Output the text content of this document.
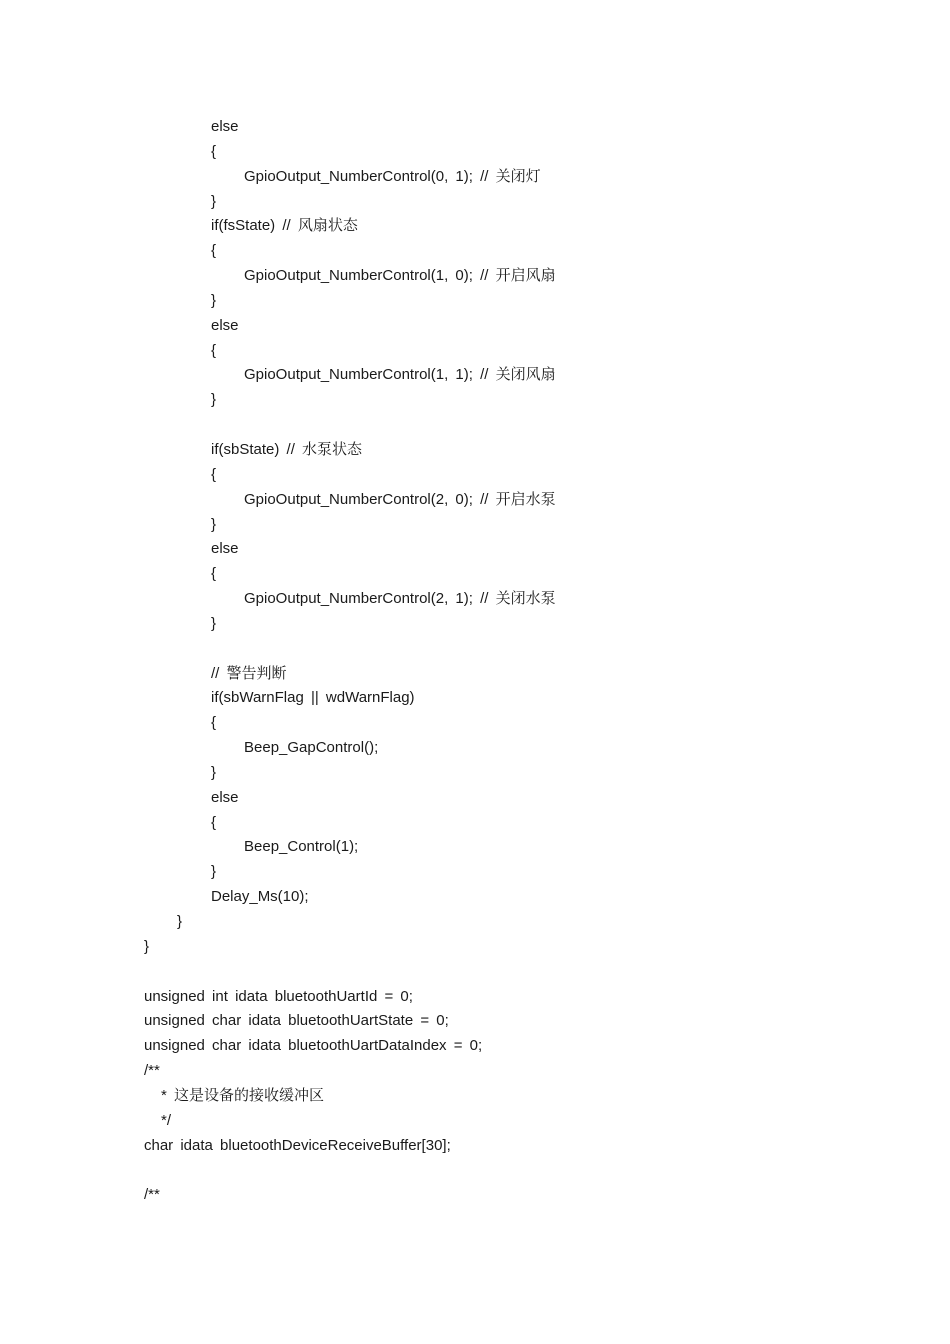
else
{
GpioOutput_NumberControl(0, 1); // 关闭灯
}
if(fsState) // 风扇状态
{
GpioOutput_NumberControl(1, 0); // 开启风扇
}
else
{
GpioOutput_NumberControl(1, 1); // 关闭风扇
}
if(sbState) // 水泵状态
{
GpioOutput_NumberControl(2, 0); // 开启水泵
}
else
{
GpioOutput_NumberControl(2, 1); // 关闭水泵
}
// 警告判断
if(sbWarnFlag || wdWarnFlag)
{
Beep_GapControl();
}
else
{
Beep_Control(1);
}
Delay_Ms(10);
}
}
unsigned int idata bluetoothUartId = 0;
unsigned char idata bluetoothUartState = 0;
unsigned char idata bluetoothUartDataIndex = 0;
/**
* 这是设备的接收缓冲区
*/
char idata bluetoothDeviceReceiveBuffer[30];
/**
